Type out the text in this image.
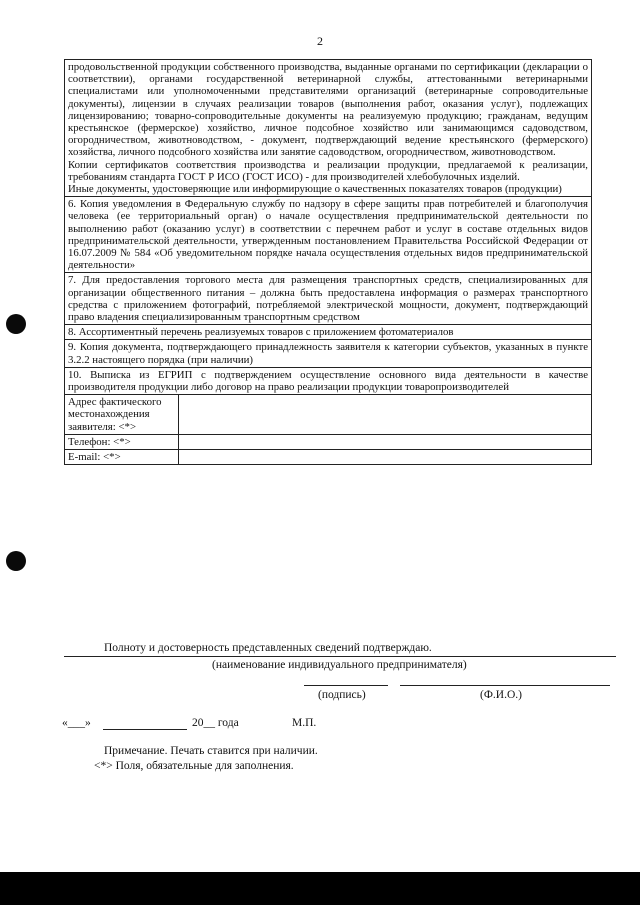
2

продовольственной продукции собственного производства, выданные органами по сертификации (декларации о соответствии), органами государственной ветеринарной службы, аттестованными ветеринарными специалистами или уполномоченными представителями организаций (ветеринарные сопроводительные документы), лицензии в случаях реализации товаров (выполнения работ, оказания услуг), подлежащих лицензированию; товарно-сопроводительные документы на реализуемую продукцию; гражданам, ведущим крестьянское (фермерское) хозяйство, личное подсобное хозяйство или занимающимся садоводством, огородничеством, животноводством, - документ, подтверждающий ведение крестьянского (фермерского) хозяйства, личного подсобного хозяйства или занятие садоводством, огородничеством, животноводством.

Копии сертификатов соответствия производства и реализации продукции, предлагаемой к реализации, требованиям стандарта ГОСТ Р ИСО (ГОСТ ИСО) - для производителей хлебобулочных изделий.

Иные документы, удостоверяющие или информирующие о качественных показателях товаров (продукции)	

6. Копия уведомления в Федеральную службу по надзору в сфере защиты прав потребителей и благополучия человека (ее территориальный орган) о начале осуществления предпринимательской деятельности по выполнению работ (оказанию услуг) в соответствии с перечнем работ и услуг в составе отдельных видов предпринимательской деятельности, утвержденным постановлением Правительства Российской Федерации от 16.07.2009 № 584 «Об уведомительном порядке начала осуществления отдельных видов предпринимательской деятельности»	
7. Для предоставления торгового места для размещения транспортных средств, специализированных для организации общественного питания – должна быть предоставлена информация о размерах транспортного средства с приложением фотографий, потребляемой электрической мощности, документ, подтверждающий право владения специализированным транспортным средством	
8. Ассортиментный перечень реализуемых товаров с приложением фотоматериалов	
9. Копия документа, подтверждающего принадлежность заявителя к категории субъектов, указанных в пункте 3.2.2 настоящего порядка (при наличии)	
10. Выписка из ЕГРИП с подтверждением осуществление основного вида деятельности в качестве производителя продукции либо договор на право реализации продукции товаропроизводителей	
Адрес фактического местонахождения заявителя: <*>	
Телефон: <*>	
E-mail: <*>	
Полноту и достоверность представленных сведений подтверждаю.
(наименование индивидуального предпринимателя)
(подпись)	(Ф.И.О.)
«___»	20__ года	М.П.
Примечание. Печать ставится при наличии.
<*> Поля, обязательные для заполнения.
